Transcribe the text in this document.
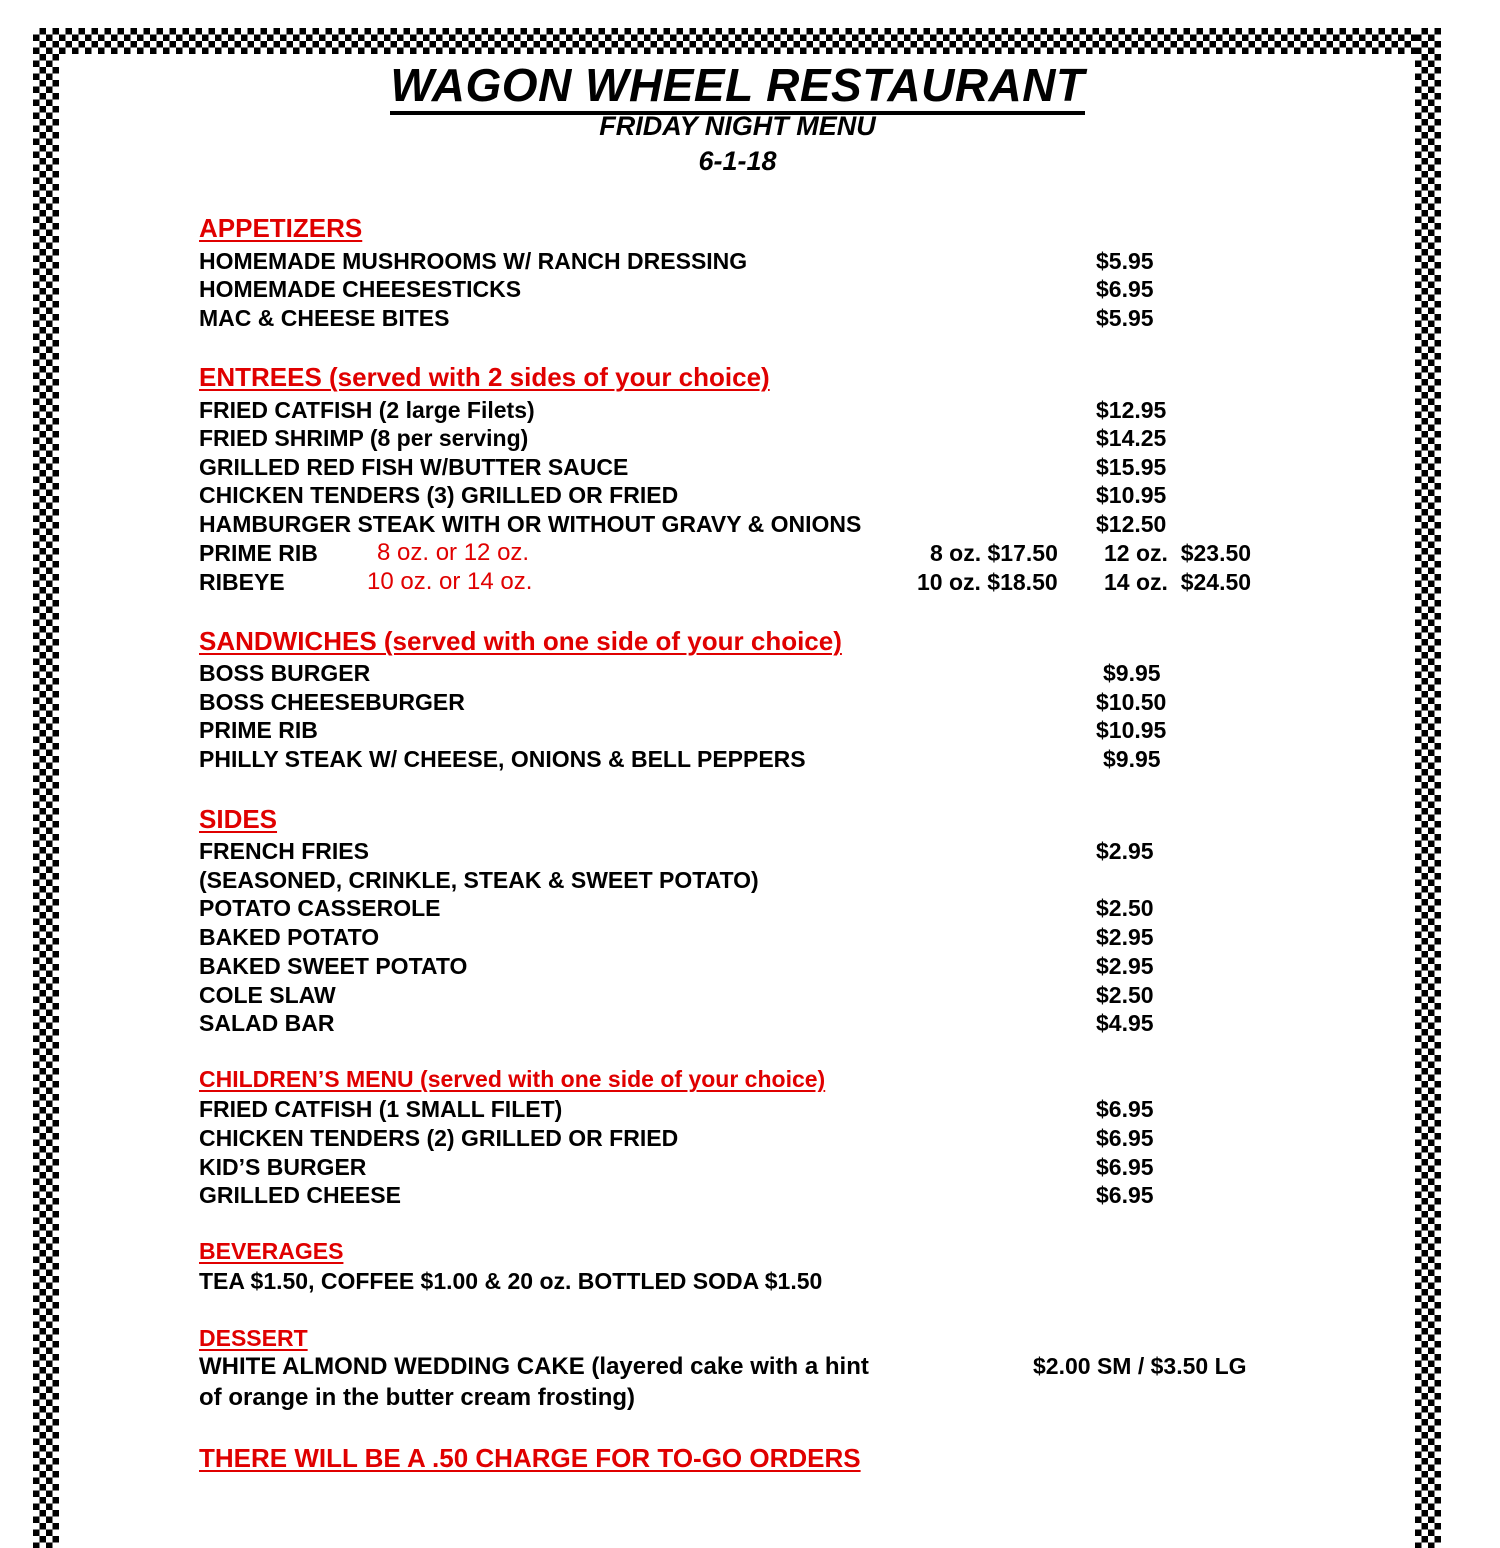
WAGON WHEEL RESTAURANT
FRIDAY NIGHT MENU
6-1-18
APPETIZERS
HOMEMADE MUSHROOMS W/ RANCH DRESSING	$5.95
HOMEMADE CHEESESTICKS	$6.95
MAC & CHEESE BITES	$5.95
ENTREES (served with 2 sides of your choice)
FRIED CATFISH (2 large Filets)	$12.95
FRIED SHRIMP (8 per serving)	$14.25
GRILLED RED FISH W/BUTTER SAUCE	$15.95
CHICKEN TENDERS (3) GRILLED OR FRIED	$10.95
HAMBURGER STEAK WITH OR WITHOUT GRAVY & ONIONS	$12.50
PRIME RIB 8 oz. or 12 oz.	8 oz. $17.50 12 oz.  $23.50
RIBEYE	10 oz. or 14 oz.	10 oz. $18.50 14 oz.  $24.50
SANDWICHES (served with one side of your choice)
BOSS BURGER	$9.95
BOSS CHEESEBURGER	$10.50
PRIME RIB	$10.95
PHILLY STEAK W/ CHEESE, ONIONS & BELL PEPPERS	$9.95
SIDES
FRENCH FRIES	$2.95
(SEASONED, CRINKLE, STEAK & SWEET POTATO)
POTATO CASSEROLE	$2.50
BAKED POTATO	$2.95
BAKED SWEET POTATO	$2.95
COLE SLAW	$2.50
SALAD BAR	$4.95
CHILDREN’S MENU (served with one side of your choice)
FRIED CATFISH (1 SMALL FILET)	$6.95
CHICKEN TENDERS (2) GRILLED OR FRIED	$6.95
KID’S BURGER	$6.95
GRILLED CHEESE	$6.95
BEVERAGES
TEA $1.50, COFFEE $1.00 & 20 oz. BOTTLED SODA $1.50
DESSERT
WHITE ALMOND WEDDING CAKE (layered cake with a hint
of orange in the butter cream frosting)
$2.00 SM / $3.50 LG
THERE WILL BE A .50 CHARGE FOR TO-GO ORDERS
